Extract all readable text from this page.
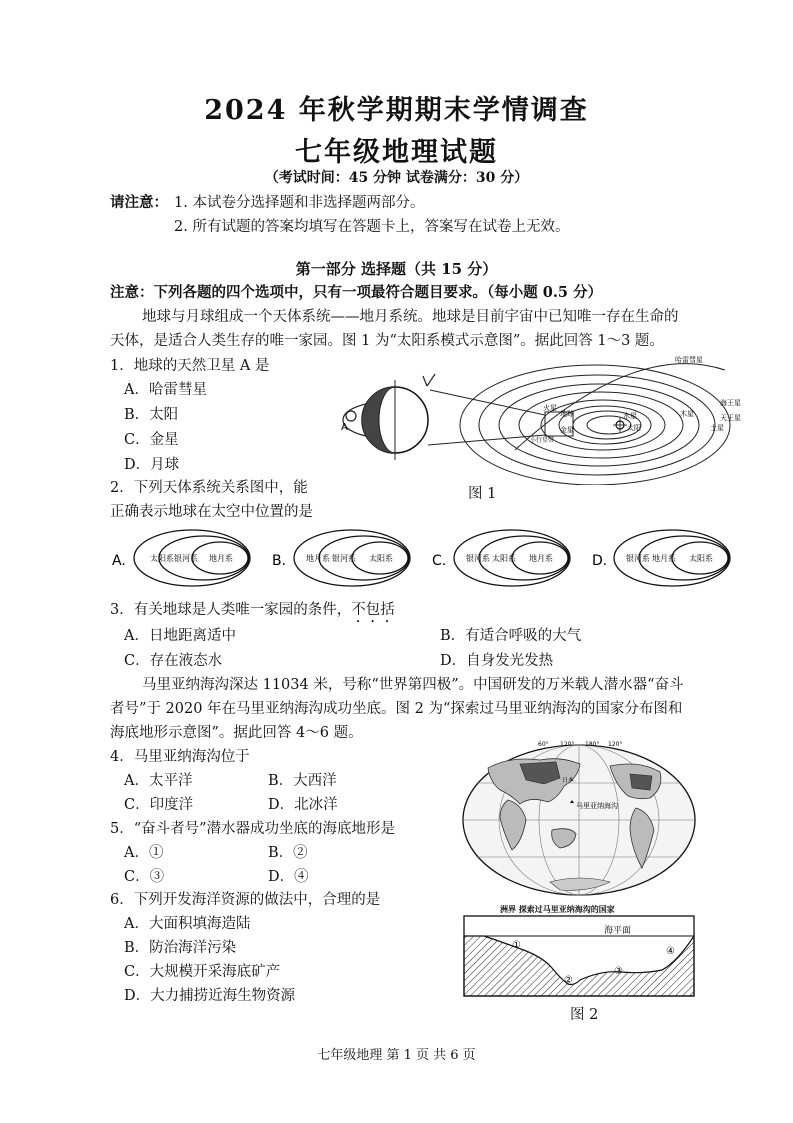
2024 年秋学期期末学情调查
七年级地理试题
（考试时间：45 分钟 试卷满分：30 分）
请注意： 1. 本试卷分选择题和非选择题两部分。
2. 所有试题的答案均填写在答题卡上，答案写在试卷上无效。
第一部分 选择题（共 15 分）
注意：下列各题的四个选项中，只有一项最符合题目要求。（每小题 0.5 分）
地球与月球组成一个天体系统——地月系统。地球是目前宇宙中已知唯一存在生命的
天体，是适合人类生存的唯一家园。图 1 为“太阳系模式示意图”。据此回答 1～3 题。
1．地球的天然卫星 A 是
A．哈雷彗星
B．太阳
C．金星
D．月球
A
哈雷彗星
海王星
天王星
土星
火星
地球
金星
水星
太阳
木星
小行星带
图 1
2．下列天体系统关系图中，能
正确表示地球在太空中位置的是
A.	太阳系 银河系 地月系	B. 地月系 银河系 太阳系	C. 银河系 太阳系 地月系	D. 银河系 地月系 太阳系
3．有关地球是人类唯一家园的条件，不包括
A．日地距离适中	B．有适合呼吸的大气
C．存在液态水	D．自身发光发热
马里亚纳海沟深达 11034 米，号称“世界第四极”。中国研发的万米载人潜水器“奋斗
者号”于 2020 年在马里亚纳海沟成功坐底。图 2 为“探索过马里亚纳海沟的国家分布图和
海底地形示意图”。据此回答 4～6 题。
4．马里亚纳海沟位于
A．太平洋	B．大西洋
C．印度洋	D．北冰洋
5．“奋斗者号”潜水器成功坐底的海底地形是
A．①	B．②
C．③	D．④
6．下列开发海洋资源的做法中，合理的是
A．大面积填海造陆
B．防治海洋污染
C．大规模开采海底矿产
D．大力捕捞近海生物资源
马里亚纳海沟
日本
60° 120° 180° 120°
洲界 探索过马里亚纳海沟的国家
海平面
①
②
③
④
图 2
七年级地理 第 1 页 共 6 页
